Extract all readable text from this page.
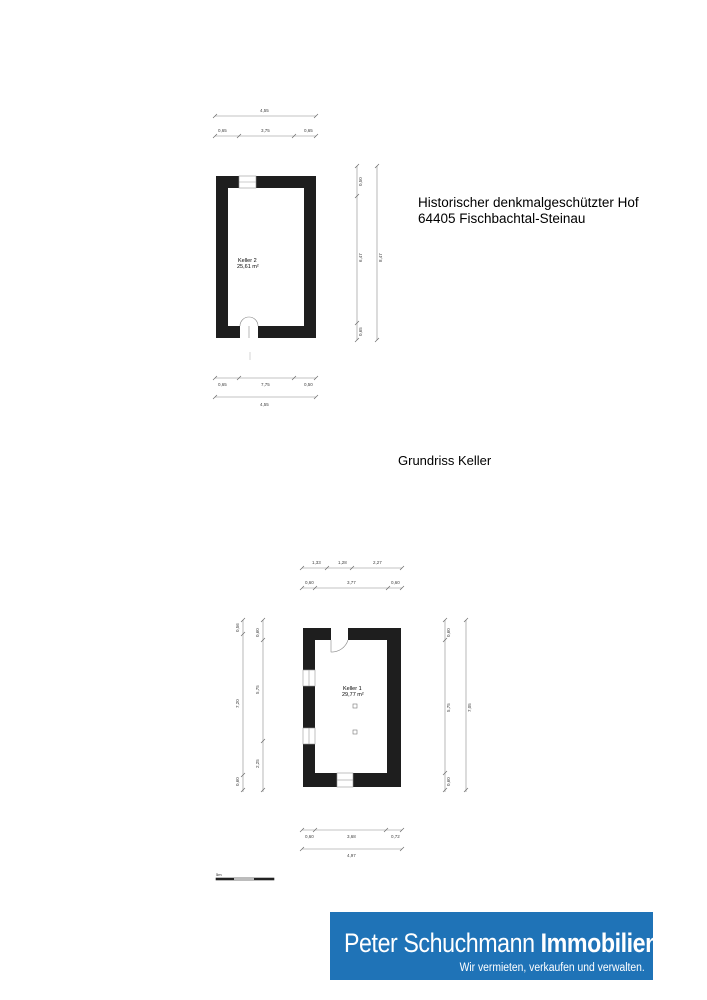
Historischer denkmalgeschützter Hof
64405 Fischbachtal-Steinau
Grundriss Keller
Keller 2
25,61 m²
4,55
0,65	3,75	0,65
0,65	7,75	0,50
4,55
0,50
6,47
0,65
8,47
Keller 1
29,77 m²
1,33	1,28	2,27
0,60	3,77	0,60
0,56
7,20
0,60
0,60
5,75
2,25
0,60
5,75
0,60
7,05
0,60	3,68	0,72
4,97
5m
Peter Schuchmann Immobilien
Wir vermieten, verkaufen und verwalten.
